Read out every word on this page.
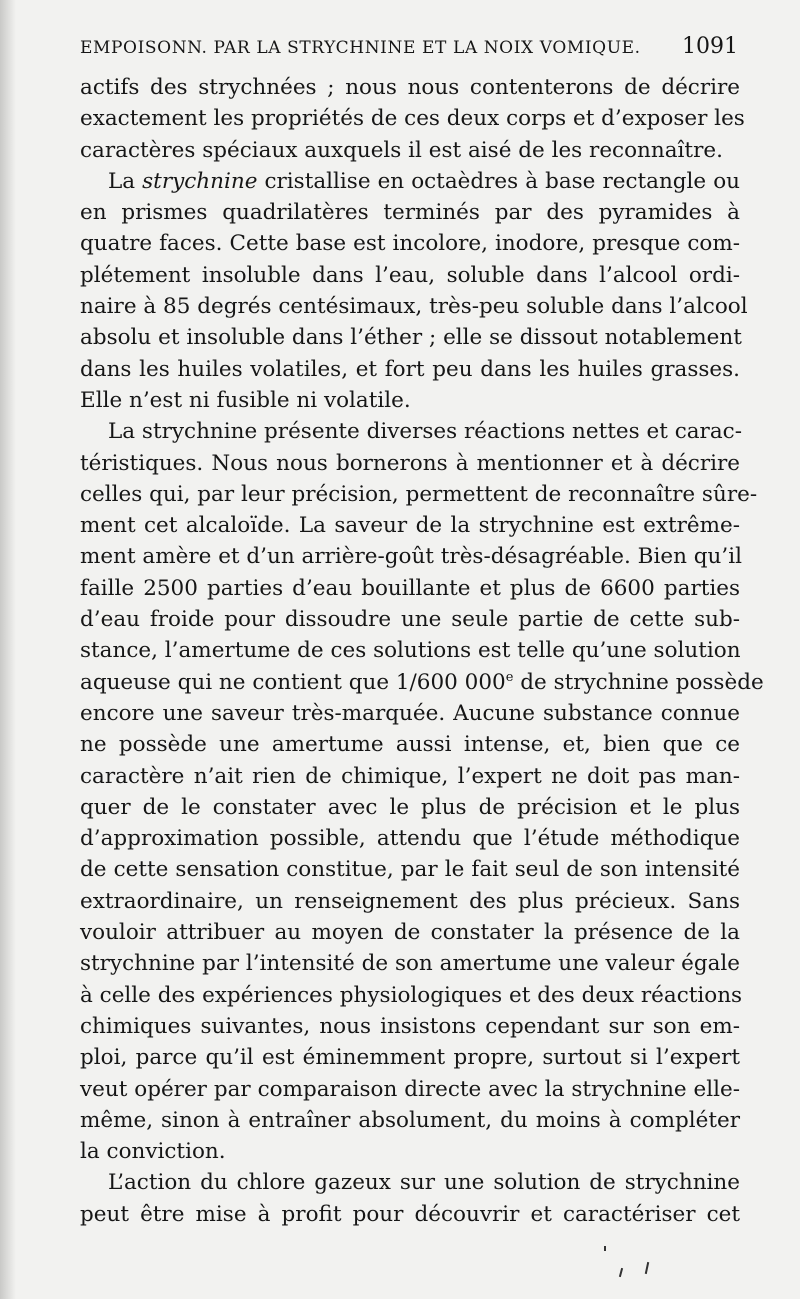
EMPOISONN. PAR LA STRYCHNINE ET LA NOIX VOMIQUE. 1091
actifs des strychnées ; nous nous contenterons de décrire
exactement les propriétés de ces deux corps et d’exposer les
caractères spéciaux auxquels il est aisé de les reconnaître.
La strychnine cristallise en octaèdres à base rectangle ou
en prismes quadrilatères terminés par des pyramides à
quatre faces. Cette base est incolore, inodore, presque com-
plétement insoluble dans l’eau, soluble dans l’alcool ordi-
naire à 85 degrés centésimaux, très-peu soluble dans l’alcool
absolu et insoluble dans l’éther ; elle se dissout notablement
dans les huiles volatiles, et fort peu dans les huiles grasses.
Elle n’est ni fusible ni volatile.
La strychnine présente diverses réactions nettes et carac-
téristiques. Nous nous bornerons à mentionner et à décrire
celles qui, par leur précision, permettent de reconnaître sûre-
ment cet alcaloïde. La saveur de la strychnine est extrême-
ment amère et d’un arrière-goût très-désagréable. Bien qu’il
faille 2500 parties d’eau bouillante et plus de 6600 parties
d’eau froide pour dissoudre une seule partie de cette sub-
stance, l’amertume de ces solutions est telle qu’une solution
aqueuse qui ne contient que 1/600 000e de strychnine possède
encore une saveur très-marquée. Aucune substance connue
ne possède une amertume aussi intense, et, bien que ce
caractère n’ait rien de chimique, l’expert ne doit pas man-
quer de le constater avec le plus de précision et le plus
d’approximation possible, attendu que l’étude méthodique
de cette sensation constitue, par le fait seul de son intensité
extraordinaire, un renseignement des plus précieux. Sans
vouloir attribuer au moyen de constater la présence de la
strychnine par l’intensité de son amertume une valeur égale
à celle des expériences physiologiques et des deux réactions
chimiques suivantes, nous insistons cependant sur son em-
ploi, parce qu’il est éminemment propre, surtout si l’expert
veut opérer par comparaison directe avec la strychnine elle-
même, sinon à entraîner absolument, du moins à compléter
la conviction.
L’action du chlore gazeux sur une solution de strychnine
peut être mise à profit pour découvrir et caractériser cet
